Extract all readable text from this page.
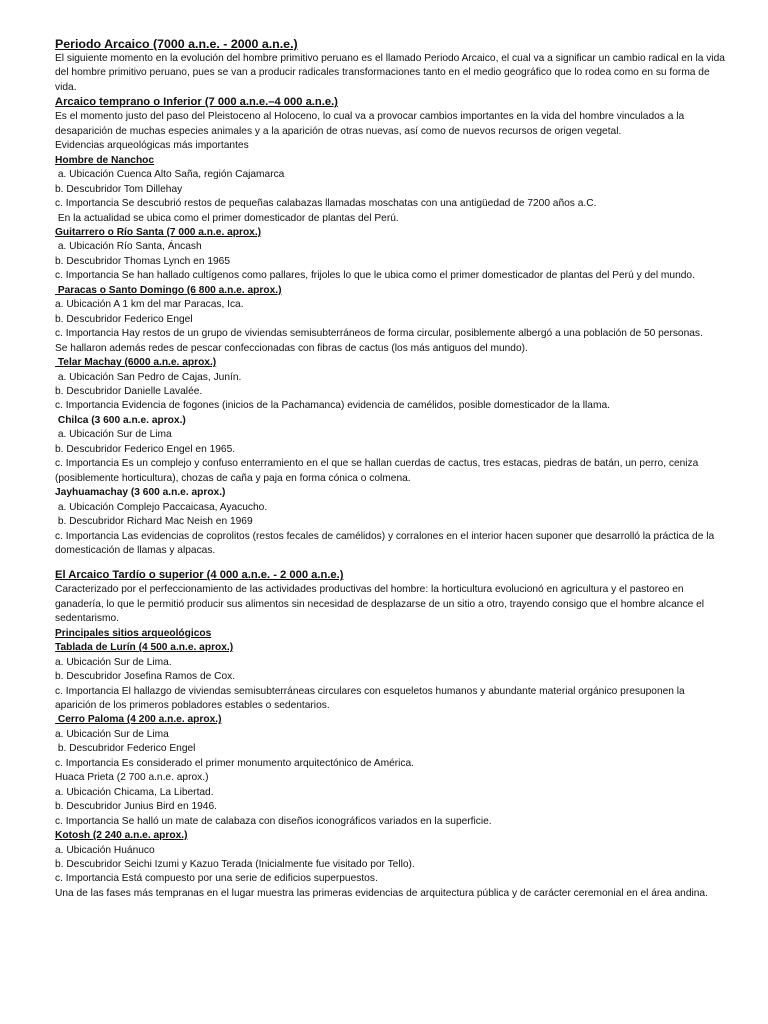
Periodo Arcaico (7000 a.n.e. - 2000 a.n.e.)

El siguiente momento en la evolución del hombre primitivo peruano es el llamado Periodo Arcaico, el cual va a significar un cambio radical en la vida del hombre primitivo peruano, pues se van a producir radicales transformaciones tanto en el medio geográfico que lo rodea como en su forma de vida.

Arcaico temprano o Inferior (7 000 a.n.e.–4 000 a.n.e.)

Es el momento justo del paso del Pleistoceno al Holoceno, lo cual va a provocar cambios importantes en la vida del hombre vinculados a la desaparición de muchas especies animales y a la aparición de otras nuevas, así como de nuevos recursos de origen vegetal.

Evidencias arqueológicas más importantes

Hombre de Nanchoc

a. Ubicación Cuenca Alto Saña, región Cajamarca

b. Descubridor Tom Dillehay

c. Importancia Se descubrió restos de pequeñas calabazas llamadas moschatas con una antigüedad de 7200 años a.C.

En la actualidad se ubica como el primer domesticador de plantas del Perú.

Guitarrero o Río Santa (7 000 a.n.e. aprox.)

a. Ubicación Río Santa, Áncash

b. Descubridor Thomas Lynch en 1965

c. Importancia Se han hallado cultígenos como pallares, frijoles lo que le ubica como el primer domesticador de plantas del Perú y del mundo.

Paracas o Santo Domingo (6 800 a.n.e. aprox.)

a. Ubicación A 1 km del mar Paracas, Ica.

b. Descubridor Federico Engel

c. Importancia Hay restos de un grupo de viviendas semisubterráneos de forma circular, posiblemente albergó a una población de 50 personas.

Se hallaron además redes de pescar confeccionadas con fibras de cactus (los más antiguos del mundo).

Telar Machay (6000 a.n.e. aprox.)

a. Ubicación San Pedro de Cajas, Junín.

b. Descubridor Danielle Lavalée.

c. Importancia Evidencia de fogones (inicios de la Pachamanca) evidencia de camélidos, posible domesticador de la llama.

Chilca (3 600 a.n.e. aprox.)

a. Ubicación Sur de Lima

b. Descubridor Federico Engel en 1965.

c. Importancia Es un complejo y confuso enterramiento en el que se hallan cuerdas de cactus, tres estacas, piedras de batán, un perro, ceniza (posiblemente horticultura), chozas de caña y paja en forma cónica o colmena.

Jayhuamachay (3 600 a.n.e. aprox.)

a. Ubicación Complejo Paccaicasa, Ayacucho.

b. Descubridor Richard Mac Neish en 1969

c. Importancia Las evidencias de coprolitos (restos fecales de camélidos) y corralones en el interior hacen suponer que desarrolló la práctica de la domesticación de llamas y alpacas.

El Arcaico Tardío o superior (4 000 a.n.e. - 2 000 a.n.e.)

Caracterizado por el perfeccionamiento de las actividades productivas del hombre: la horticultura evolucionó en agricultura y el pastoreo en ganadería, lo que le permitió producir sus alimentos sin necesidad de desplazarse de un sitio a otro, trayendo consigo que el hombre alcance el sedentarismo.

Principales sitios arqueológicos

Tablada de Lurín (4 500 a.n.e. aprox.)

a. Ubicación Sur de Lima.

b. Descubridor Josefina Ramos de Cox.

c. Importancia El hallazgo de viviendas semisubterráneas circulares con esqueletos humanos y abundante material orgánico presuponen la aparición de los primeros pobladores estables o sedentarios.

Cerro Paloma (4 200 a.n.e. aprox.)

a. Ubicación Sur de Lima

b. Descubridor Federico Engel

c. Importancia Es considerado el primer monumento arquitectónico de América.

Huaca Prieta (2 700 a.n.e. aprox.)

a. Ubicación Chicama, La Libertad.

b. Descubridor Junius Bird en 1946.

c. Importancia Se halló un mate de calabaza con diseños iconográficos variados en la superficie.

Kotosh (2 240 a.n.e. aprox.)

a. Ubicación Huánuco

b. Descubridor Seichi Izumi y Kazuo Terada (Inicialmente fue visitado por Tello).

c. Importancia Está compuesto por una serie de edificios superpuestos.

Una de las fases más tempranas en el lugar muestra las primeras evidencias de arquitectura pública y de carácter ceremonial en el área andina.
